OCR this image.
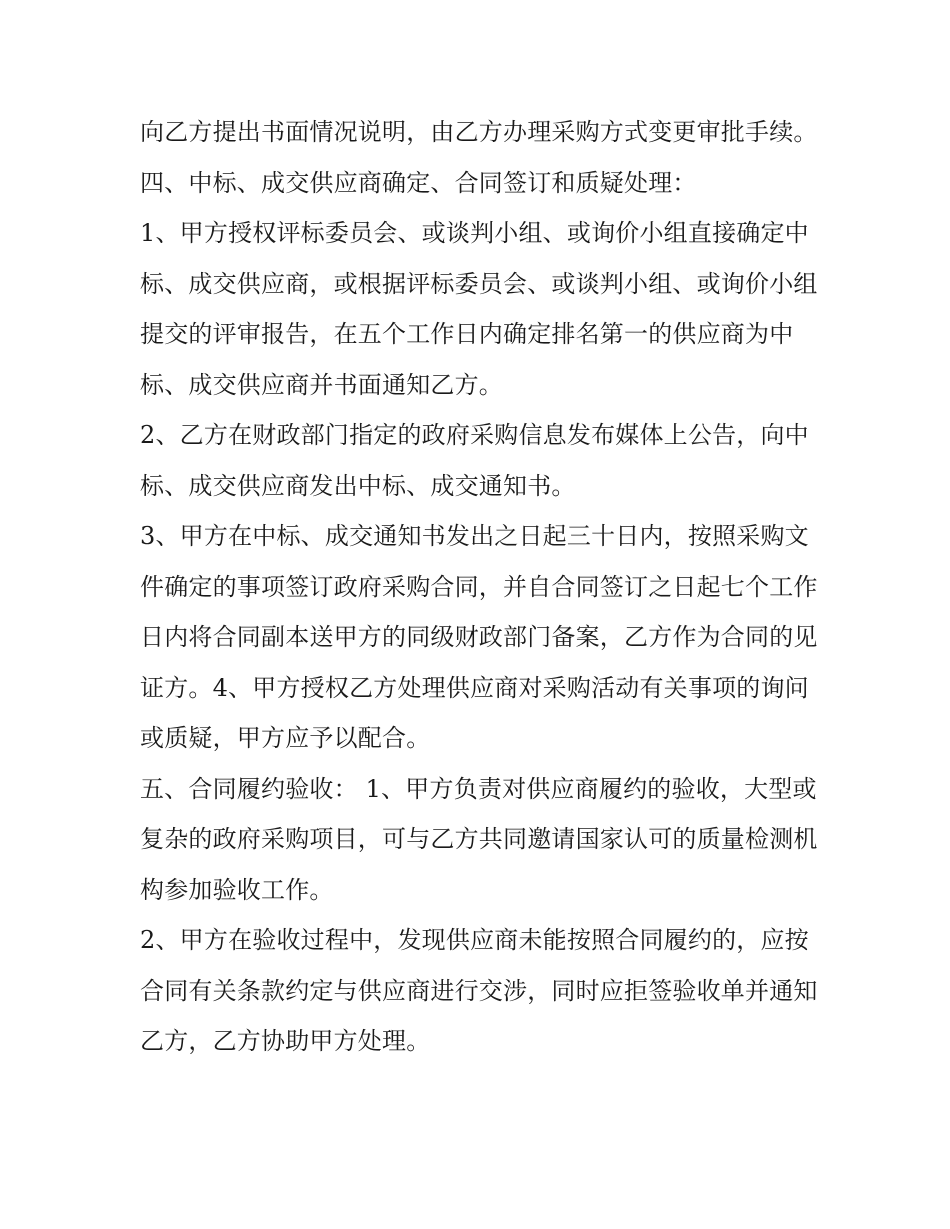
向乙方提出书面情况说明，由乙方办理采购方式变更审批手续。

四、中标、成交供应商确定、合同签订和质疑处理：

1、甲方授权评标委员会、或谈判小组、或询价小组直接确定中标、成交供应商，或根据评标委员会、或谈判小组、或询价小组提交的评审报告，在五个工作日内确定排名第一的供应商为中标、成交供应商并书面通知乙方。

2、乙方在财政部门指定的政府采购信息发布媒体上公告，向中标、成交供应商发出中标、成交通知书。

3、甲方在中标、成交通知书发出之日起三十日内，按照采购文件确定的事项签订政府采购合同，并自合同签订之日起七个工作日内将合同副本送甲方的同级财政部门备案，乙方作为合同的见证方。4、甲方授权乙方处理供应商对采购活动有关事项的询问或质疑，甲方应予以配合。

五、合同履约验收： 1、甲方负责对供应商履约的验收，大型或复杂的政府采购项目，可与乙方共同邀请国家认可的质量检测机构参加验收工作。

2、甲方在验收过程中，发现供应商未能按照合同履约的，应按合同有关条款约定与供应商进行交涉，同时应拒签验收单并通知乙方，乙方协助甲方处理。
